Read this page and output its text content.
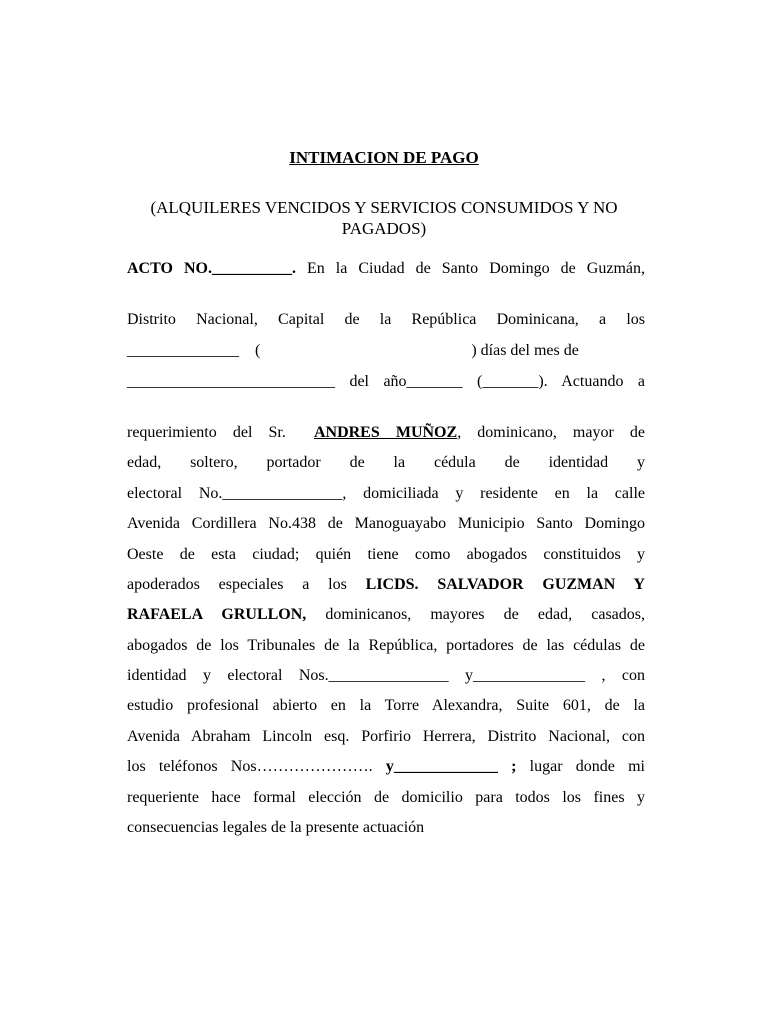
INTIMACION DE PAGO
(ALQUILERES VENCIDOS Y SERVICIOS CONSUMIDOS Y NO PAGADOS)
ACTO NO.__________. En la Ciudad de Santo Domingo de Guzmán,
Distrito Nacional, Capital de la República Dominicana, a los
______________ (	) días del mes de
__________________________ del año_______ (_______). Actuando a
requerimiento del Sr. ANDRES MUÑOZ, dominicano, mayor de
edad, soltero, portador de la cédula de identidad y
electoral No._______________, domiciliada y residente en la calle
Avenida Cordillera No.438 de Manoguayabo Municipio Santo Domingo
Oeste de esta ciudad; quién tiene como abogados constituidos y
apoderados especiales a los LICDS. SALVADOR GUZMAN Y
RAFAELA GRULLON, dominicanos, mayores de edad, casados,
abogados de los Tribunales de la República, portadores de las cédulas de
identidad y electoral Nos._______________ y______________ , con
estudio profesional abierto en la Torre Alexandra, Suite 601, de la
Avenida Abraham Lincoln esq. Porfirio Herrera, Distrito Nacional, con
los teléfonos Nos…………………. y_____________ ; lugar donde mi
requeriente hace formal elección de domicilio para todos los fines y
consecuencias legales de la presente actuación
